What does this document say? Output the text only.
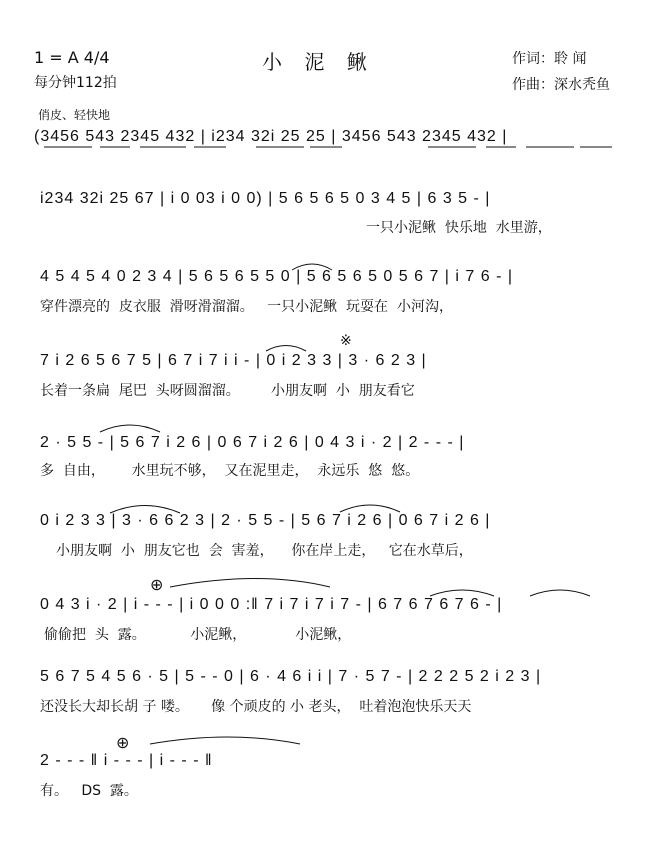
1 = A 4/4
每分钟112拍
小 泥 鳅	作词：聆 闻
作曲：深水秃鱼
俏皮、轻快地
(3456 543 2345 432 | i234 32i 25 25 | 3456 543 2345 432 |
i234 32i 25 67 | i 0 03 i 0 0) | 5 6 5 6 5 0 3 4 5 | 6 3 5 - |
一只小泥鳅  快乐地  水里游，
4 5 4 5 4 0 2 3 4 | 5 6 5 6 5 5 0 | 5 6 5 6 5 0 5 6 7 | i 7 6 - |
穿件漂亮的  皮衣服  滑呀滑溜溜。   一只小泥鳅  玩耍在  小河沟，
7 i 2 6 5 6 7 5 | 6 7 i 7 i i - | 0 i 2 3 3 | 3 · 6 2 3 |
长着一条扁  尾巴  头呀圆溜溜。       小朋友啊  小  朋友看它
2 · 5 5 - | 5 6 7 i 2 6 | 0 6 7 i 2 6 | 0 4 3 i · 2 | 2 - - - |
多  自由，      水里玩不够，  又在泥里走，  永远乐  悠  悠。
0 i 2 3 3 | 3 · 6 6 2 3 | 2 · 5 5 - | 5 6 7 i 2 6 | 0 6 7 i 2 6 |
小朋友啊  小  朋友它也  会  害羞，    你在岸上走，   它在水草后，
0 4 3 i · 2 | i - - - | i 0 0 0 :‖ 7 i 7 i 7 i 7 - | 6 7 6 7 6 7 6 - |
偷偷把  头  露。          小泥鳅，           小泥鳅，
5 6 7 5 4 5 6 · 5 | 5 - - 0 | 6 · 4 6 i i | 7 · 5 7 - | 2 2 2 5 2 i 2 3 |
还没长大却长胡 子 喽。     像 个顽皮的 小 老头，  吐着泡泡快乐天天
2 - - - ‖ i - - - | i - - - ‖
有。   DS  露。
※
⊕
⊕
